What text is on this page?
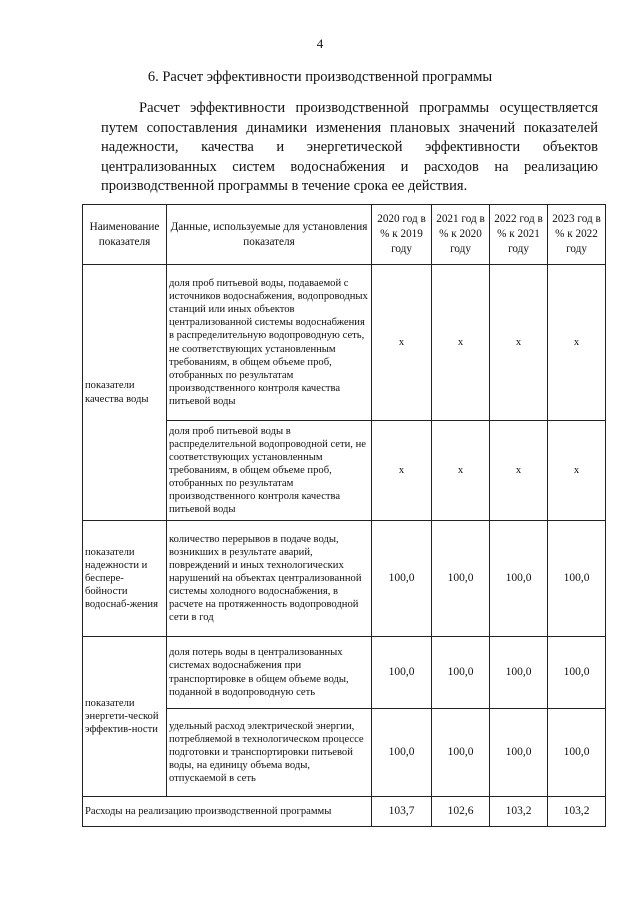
4
6. Расчет эффективности производственной программы
Расчет эффективности производственной программы осуществляется путем сопоставления динамики изменения плановых значений показателей надежности, качества и энергетической эффективности объектов централизованных систем водоснабжения и расходов на реализацию производственной программы в течение срока ее действия.
Наименование показателя	Данные, используемые для установления показателя	2020 год в % к 2019 году	2021 год в % к 2020 году	2022 год в % к 2021 году	2023 год в % к 2022 году
показатели качества воды	доля проб питьевой воды, подаваемой с источников водоснабжения, водопроводных станций или иных объектов централизованной системы водоснабжения в распределительную водопроводную сеть, не соответствующих установленным требованиям, в общем объеме проб, отобранных по результатам производственного контроля качества питьевой воды	х	х	х	х
	доля проб питьевой воды в распределительной водопроводной сети, не соответствующих установленным требованиям, в общем объеме проб, отобранных по результатам производственного контроля качества питьевой воды	х	х	х	х
показатели надежности и беспере-бойности водоснаб-жения	количество перерывов в подаче воды, возникших в результате аварий, повреждений и иных технологических нарушений на объектах централизованной системы холодного водоснабжения, в расчете на протяженность водопроводной сети в год	100,0	100,0	100,0	100,0
показатели энергети-ческой эффектив-ности	доля потерь воды в централизованных системах водоснабжения при транспортировке в общем объеме воды, поданной в водопроводную сеть	100,0	100,0	100,0	100,0
	удельный расход электрической энергии, потребляемой в технологическом процессе подготовки и транспортировки питьевой воды, на единицу объема воды, отпускаемой в сеть	100,0	100,0	100,0	100,0
Расходы на реализацию производственной программы		103,7	102,6	103,2	103,2
